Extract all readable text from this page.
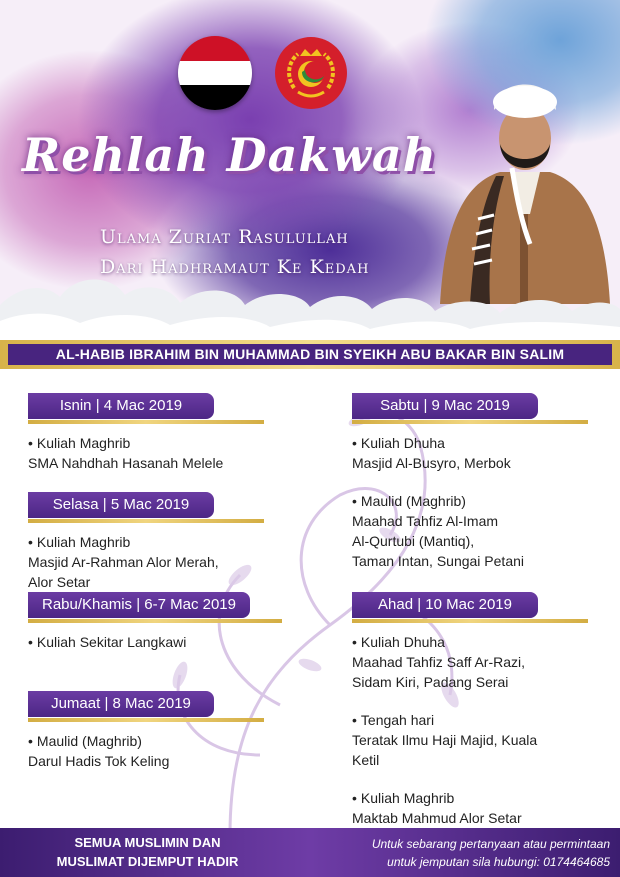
Rehlah Dakwah

Ulama Zuriat Rasulullah

Dari Hadhramaut Ke Kedah

AL-HABIB IBRAHIM BIN MUHAMMAD BIN SYEIKH ABU BAKAR BIN SALIM
Isnin | 4 Mac 2019

• Kuliah Maghrib

SMA Nahdhah Hasanah Melele

Selasa | 5 Mac 2019

• Kuliah Maghrib

Masjid Ar-Rahman Alor Merah,

Alor Setar

Rabu/Khamis | 6-7 Mac 2019

• Kuliah Sekitar Langkawi

Jumaat | 8 Mac 2019

• Maulid (Maghrib)

Darul Hadis Tok Keling

Sabtu | 9 Mac 2019

• Kuliah Dhuha

Masjid Al-Busyro, Merbok

• Maulid (Maghrib)

Maahad Tahfiz Al-Imam

Al-Qurtubi (Mantiq),

Taman Intan, Sungai Petani

Ahad | 10 Mac 2019

• Kuliah Dhuha

Maahad Tahfiz Saff Ar-Razi,

Sidam Kiri, Padang Serai

• Tengah hari

Teratak Ilmu Haji Majid, Kuala

Ketil

• Kuliah Maghrib

Maktab Mahmud Alor Setar

SEMUA MUSLIMIN DAN

MUSLIMAT DIJEMPUT HADIR

Untuk sebarang pertanyaan atau permintaan

untuk jemputan sila hubungi: 0174464685
